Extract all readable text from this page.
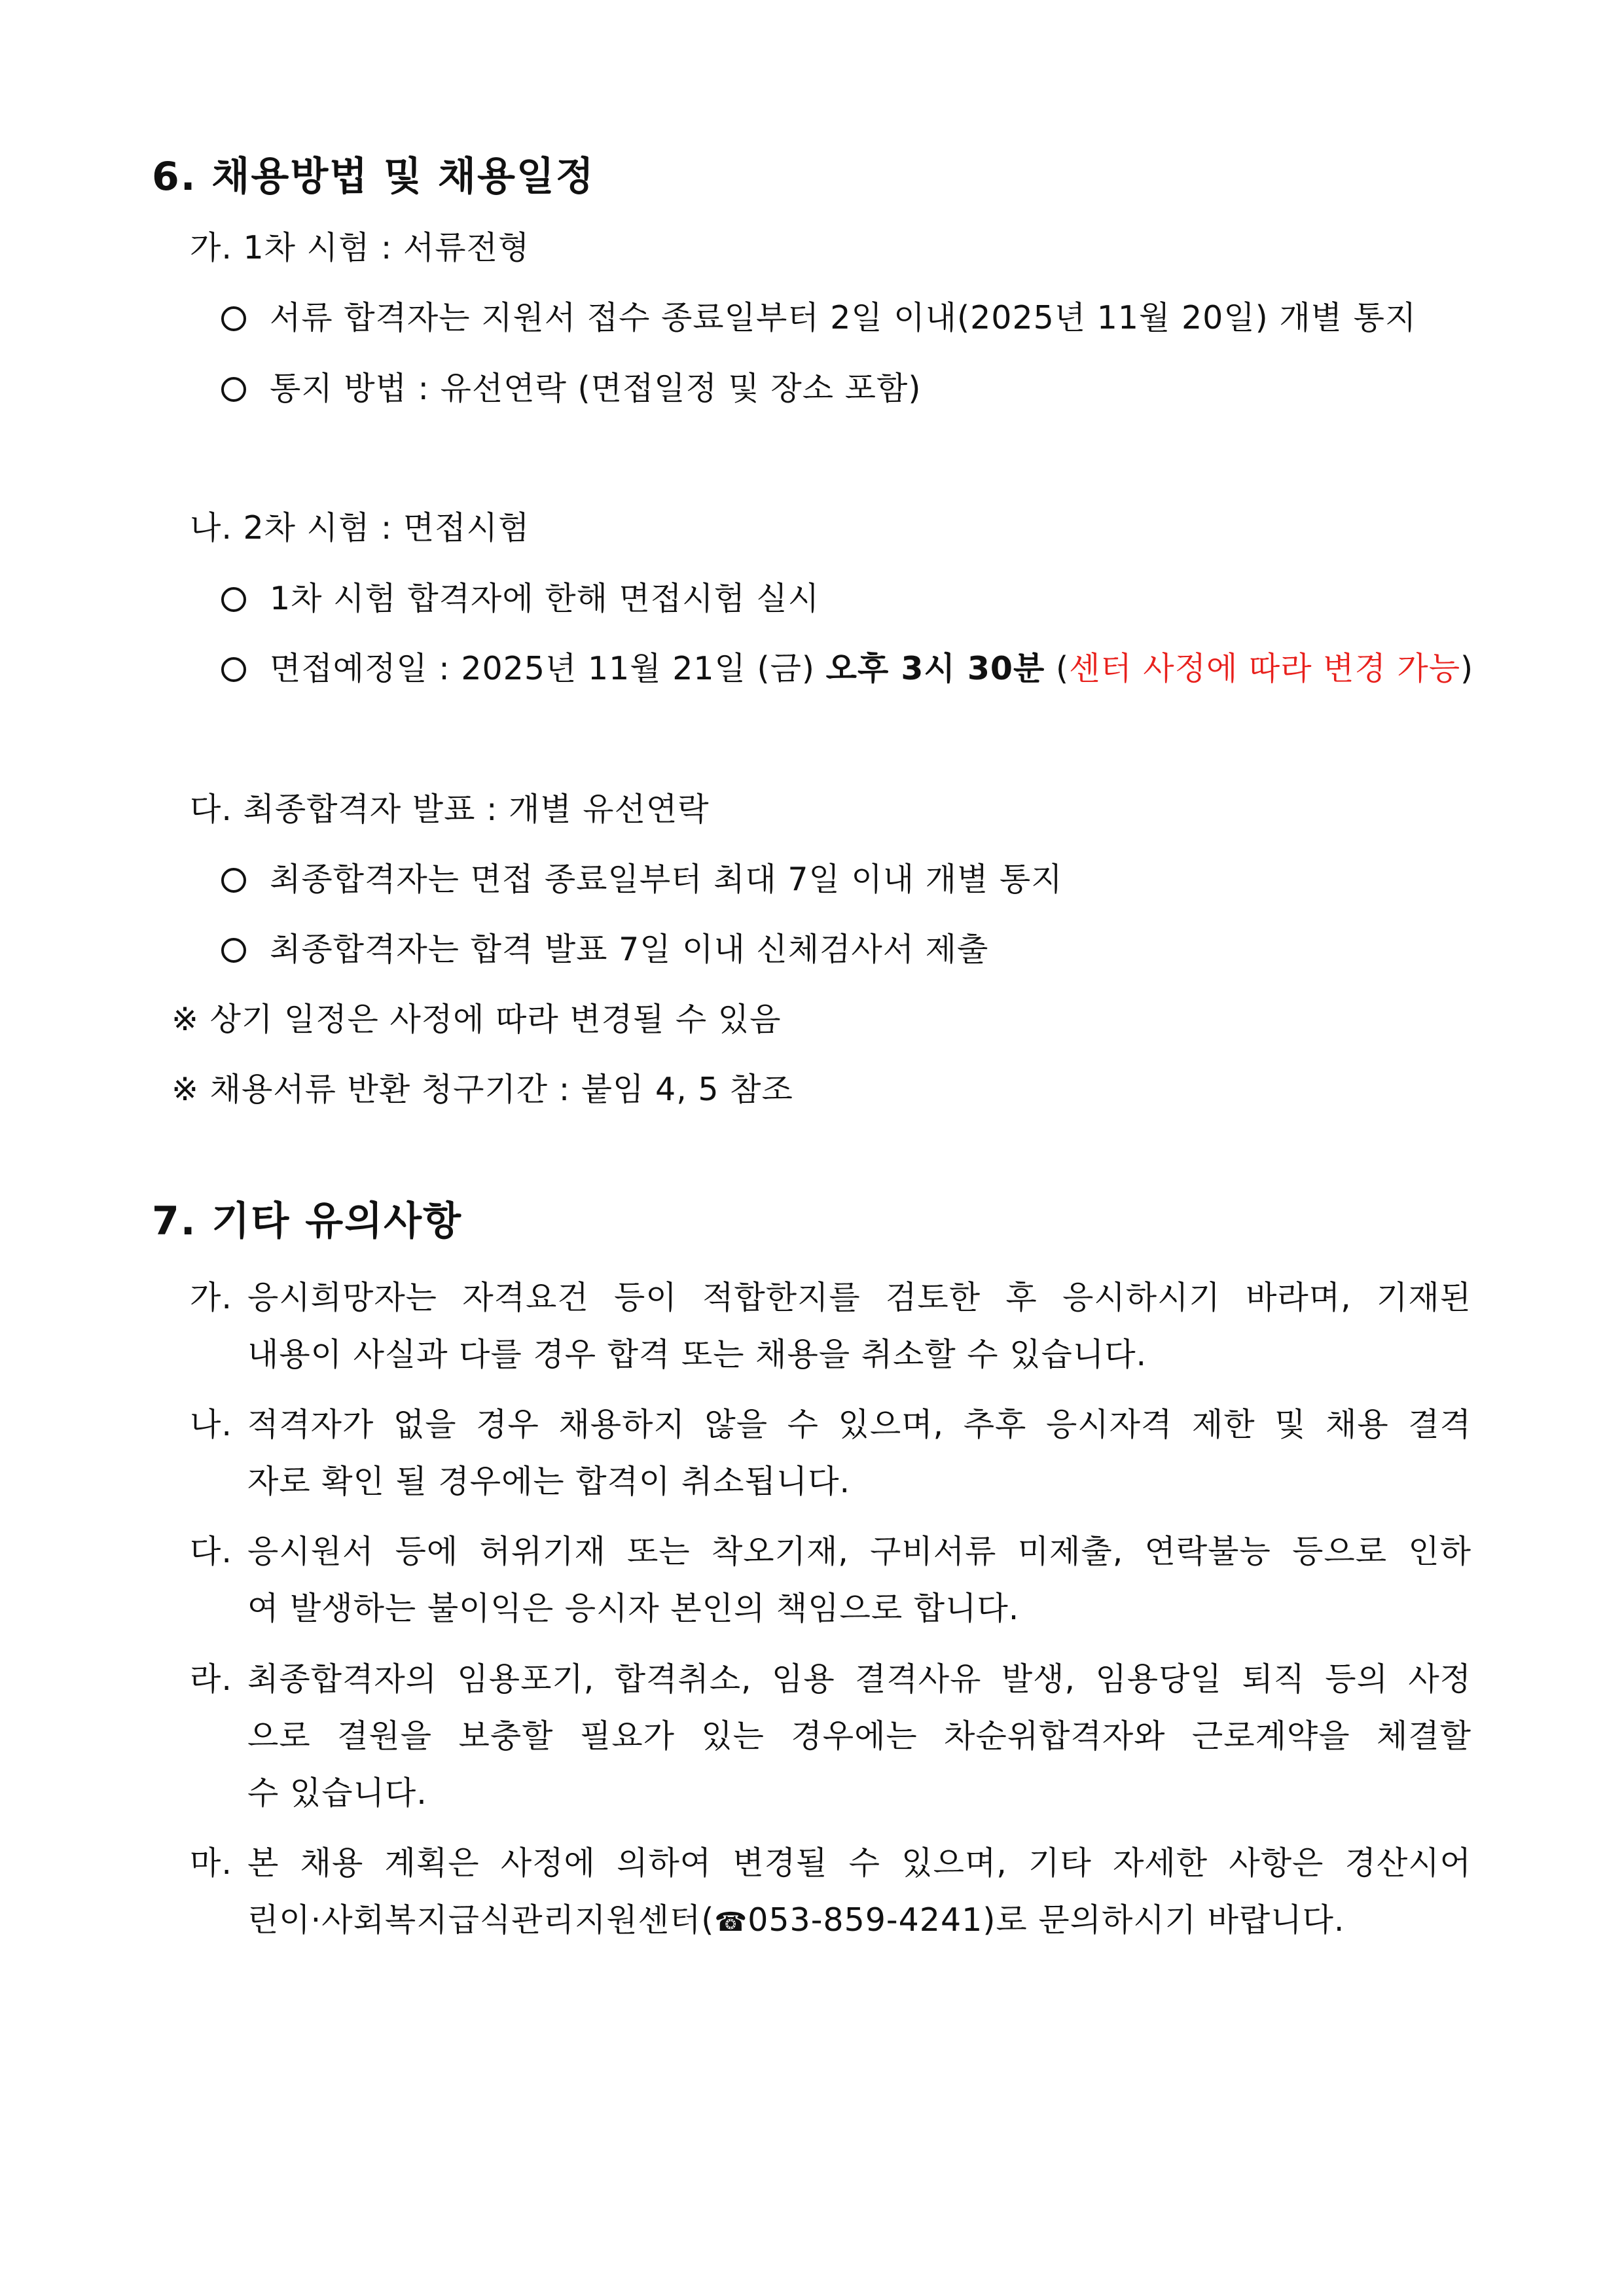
6. 채용방법 및 채용일정
가. 1차 시험 : 서류전형
서류 합격자는 지원서 접수 종료일부터 2일 이내(2025년 11월 20일) 개별 통지
통지 방법 : 유선연락 (면접일정 및 장소 포함)
나. 2차 시험 : 면접시험
1차 시험 합격자에 한해 면접시험 실시
면접예정일 : 2025년 11월 21일 (금) 오후 3시 30분 (센터 사정에 따라 변경 가능)
다. 최종합격자 발표 : 개별 유선연락
최종합격자는 면접 종료일부터 최대 7일 이내 개별 통지
최종합격자는 합격 발표 7일 이내 신체검사서 제출
※ 상기 일정은 사정에 따라 변경될 수 있음
※ 채용서류 반환 청구기간 : 붙임 4, 5 참조
7. 기타 유의사항
가. 응시희망자는 자격요건 등이 적합한지를 검토한 후 응시하시기 바라며, 기재된
내용이 사실과 다를 경우 합격 또는 채용을 취소할 수 있습니다.
나. 적격자가 없을 경우 채용하지 않을 수 있으며, 추후 응시자격 제한 및 채용 결격
자로 확인 될 경우에는 합격이 취소됩니다.
다. 응시원서 등에 허위기재 또는 착오기재, 구비서류 미제출, 연락불능 등으로 인하
여 발생하는 불이익은 응시자 본인의 책임으로 합니다.
라. 최종합격자의 임용포기, 합격취소, 임용 결격사유 발생, 임용당일 퇴직 등의 사정
으로 결원을 보충할 필요가 있는 경우에는 차순위합격자와 근로계약을 체결할
수 있습니다.
마. 본 채용 계획은 사정에 의하여 변경될 수 있으며, 기타 자세한 사항은 경산시어
린이·사회복지급식관리지원센터(☎053-859-4241)로 문의하시기 바랍니다.
